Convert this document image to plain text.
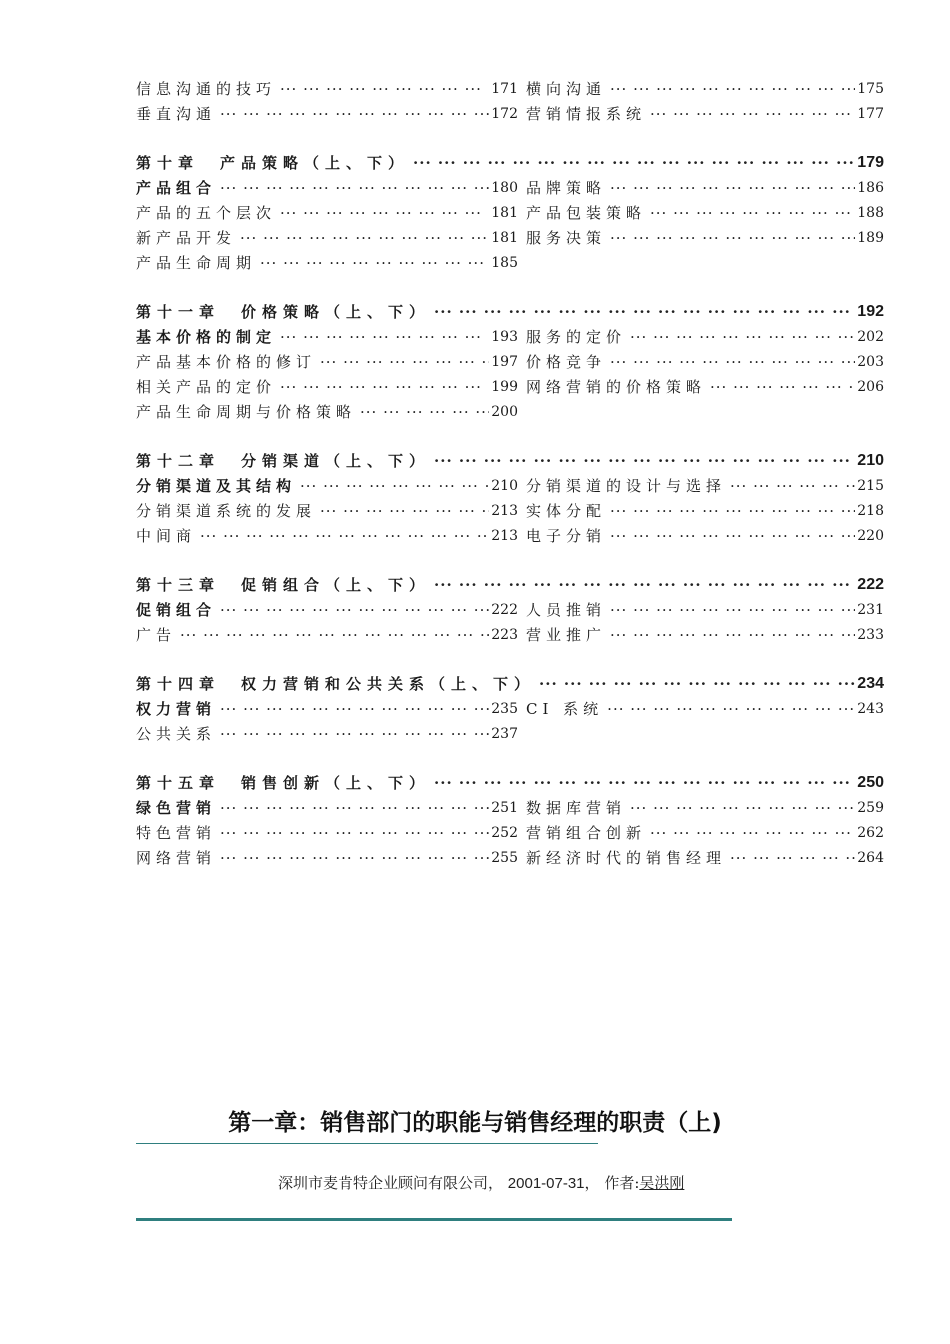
信息沟通的技巧 ··· ·	171 横向沟通 ··· ·	175
垂直沟通 ··· ·	172 营销情报系统 ··· ·	177
第十章　产品策略（上、下） ··· ·	179
产品组合 ··· ·	180 品牌策略 ··· ·	186
产品的五个层次 ··· ·	181 产品包装策略 ··· ·	188
新产品开发 ··· ·	181 服务决策 ··· ·	189
产品生命周期 ··· ·	185
第十一章　价格策略（上、下） ··· ·	192
基本价格的制定 ··· ·	193 服务的定价 ··· ·	202
产品基本价格的修订 ··· ·	197 价格竞争 ··· ·	203
相关产品的定价 ··· ·	199 网络营销的价格策略 ··· ·	206
产品生命周期与价格策略 ··· ·	200
第十二章　分销渠道（上、下） ··· ·	210
分销渠道及其结构 ··· ·	210 分销渠道的设计与选择 ··· ·	215
分销渠道系统的发展 ··· ·	213 实体分配 ··· ·	218
中间商 ··· ·	213 电子分销 ··· ·	220
第十三章　促销组合（上、下） ··· ·	222
促销组合 ··· ·	222 人员推销 ··· ·	231
广告 ··· ·	223 营业推广 ··· ·	233
第十四章　权力营销和公共关系（上、下） ··· ·	234
权力营销 ··· ·	235 CI 系统 ··· ·	243
公共关系 ··· ·	237
第十五章　销售创新（上、下） ··· ·	250
绿色营销 ··· ·	251 数据库营销 ··· ·	259
特色营销 ··· ·	252 营销组合创新 ··· ·	262
网络营销 ··· ·	255 新经济时代的销售经理 ··· ·	264
第一章：销售部门的职能与销售经理的职责（上)
深圳市麦肯特企业顾问有限公司， 2001-07-31， 作者:吴洪刚
